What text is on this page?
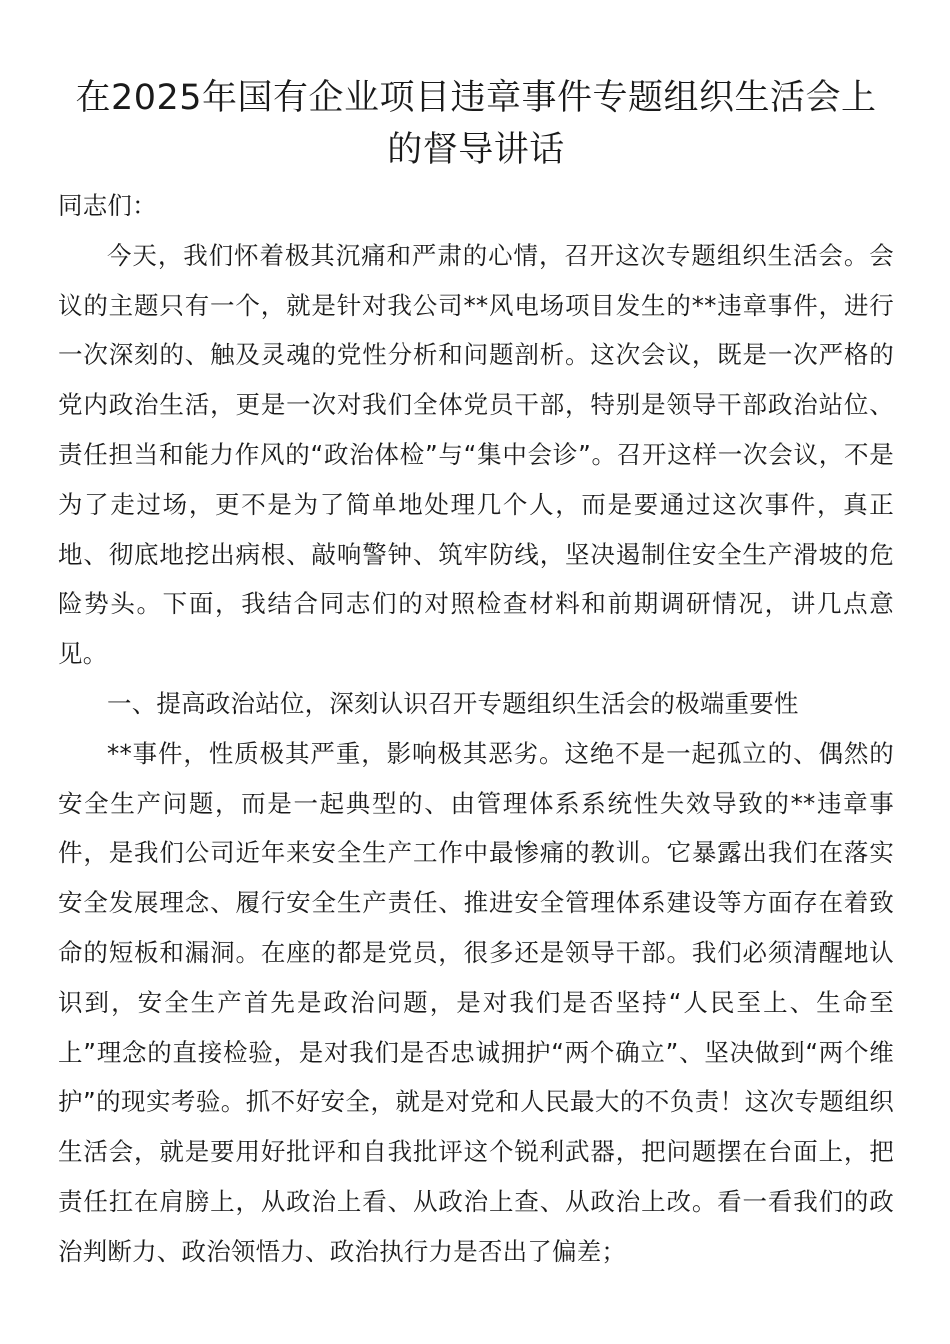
在2025年国有企业项目违章事件专题组织生活会上的督导讲话

同志们：

今天，我们怀着极其沉痛和严肃的心情，召开这次专题组织生活会。会议的主题只有一个，就是针对我公司**风电场项目发生的**违章事件，进行一次深刻的、触及灵魂的党性分析和问题剖析。这次会议，既是一次严格的党内政治生活，更是一次对我们全体党员干部，特别是领导干部政治站位、责任担当和能力作风的“政治体检”与“集中会诊”。召开这样一次会议，不是为了走过场，更不是为了简单地处理几个人，而是要通过这次事件，真正地、彻底地挖出病根、敲响警钟、筑牢防线，坚决遏制住安全生产滑坡的危险势头。下面，我结合同志们的对照检查材料和前期调研情况，讲几点意见。

一、提高政治站位，深刻认识召开专题组织生活会的极端重要性

**事件，性质极其严重，影响极其恶劣。这绝不是一起孤立的、偶然的安全生产问题，而是一起典型的、由管理体系系统性失效导致的**违章事件，是我们公司近年来安全生产工作中最惨痛的教训。它暴露出我们在落实安全发展理念、履行安全生产责任、推进安全管理体系建设等方面存在着致命的短板和漏洞。在座的都是党员，很多还是领导干部。我们必须清醒地认识到，安全生产首先是政治问题，是对我们是否坚持“人民至上、生命至上”理念的直接检验，是对我们是否忠诚拥护“两个确立”、坚决做到“两个维护”的现实考验。抓不好安全，就是对党和人民最大的不负责！这次专题组织生活会，就是要用好批评和自我批评这个锐利武器，把问题摆在台面上，把责任扛在肩膀上，从政治上看、从政治上查、从政治上改。看一看我们的政治判断力、政治领悟力、政治执行力是否出了偏差；
